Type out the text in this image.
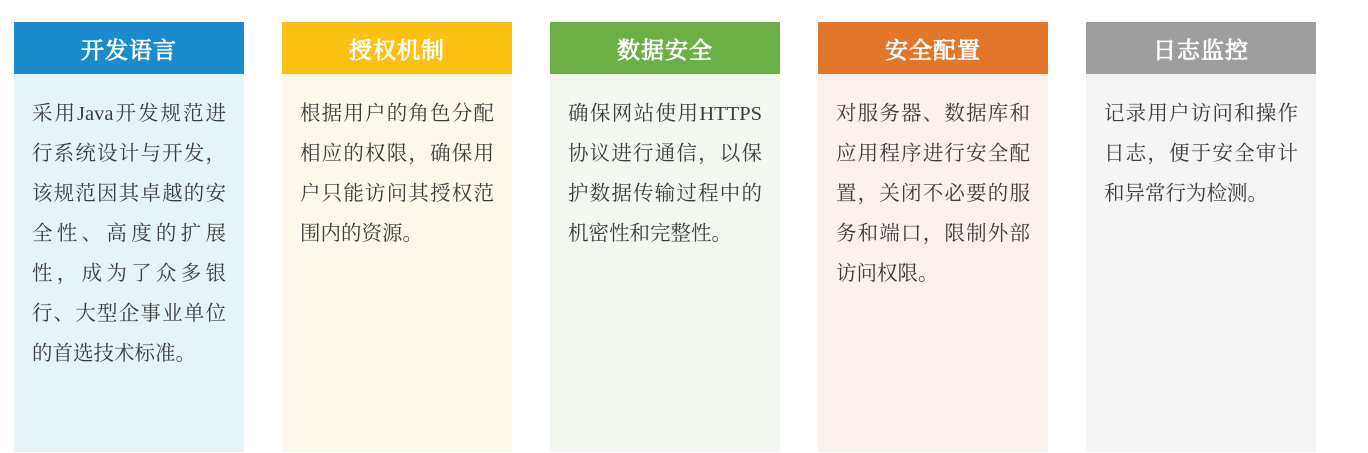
开发语言
采用Java开发规范进行系统设计与开发，该规范因其卓越的安全性、高度的扩展性，成为了众多银行、大型企事业单位的首选技术标准。
授权机制
根据用户的角色分配相应的权限，确保用户只能访问其授权范围内的资源。
数据安全
确保网站使用HTTPS协议进行通信，以保护数据传输过程中的机密性和完整性。
安全配置
对服务器、数据库和应用程序进行安全配置，关闭不必要的服务和端口，限制外部访问权限。
日志监控
记录用户访问和操作日志，便于安全审计和异常行为检测。
